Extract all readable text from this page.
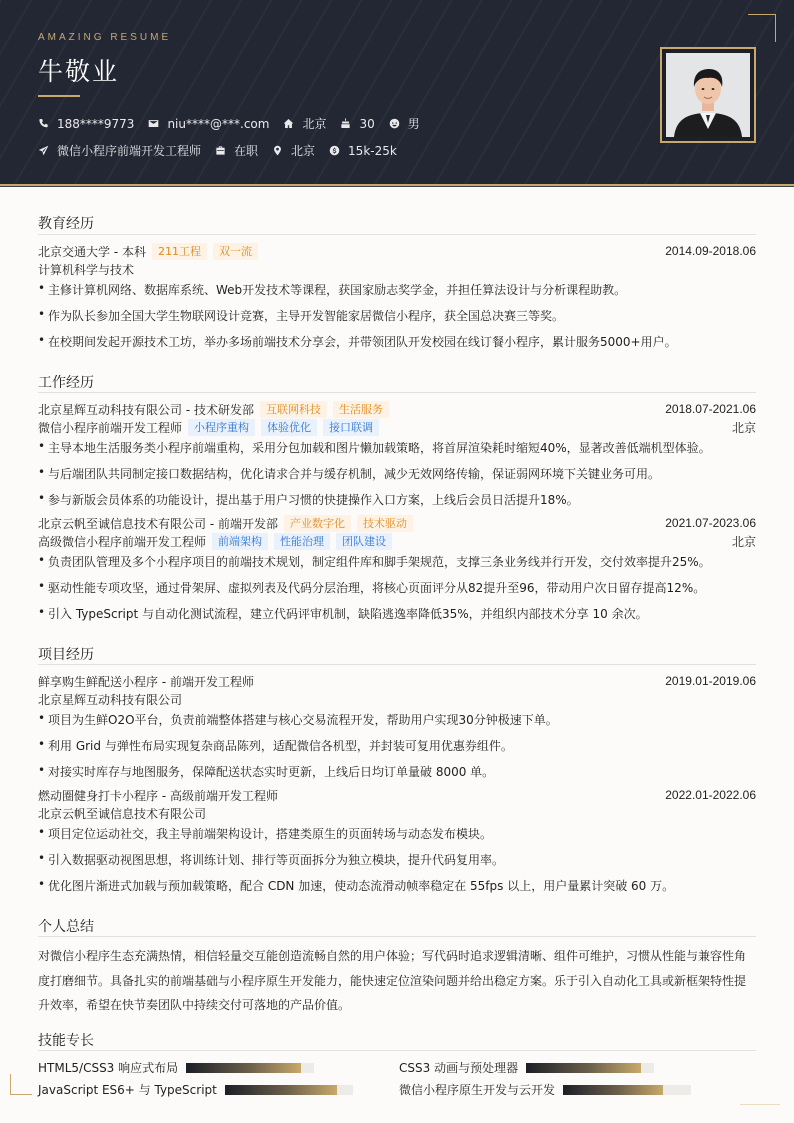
AMAZING RESUME
牛敬业
188****9773	niu****@***.com	北京	30	男
微信小程序前端开发工程师	在职	北京	15k-25k
教育经历
北京交通大学 - 本科	211工程	双一流	2014.09-2018.06
计算机科学与技术
• 主修计算机网络、数据库系统、Web开发技术等课程，获国家励志奖学金，并担任算法设计与分析课程助教。
• 作为队长参加全国大学生物联网设计竞赛，主导开发智能家居微信小程序，获全国总决赛三等奖。
• 在校期间发起开源技术工坊，举办多场前端技术分享会，并带领团队开发校园在线订餐小程序，累计服务5000+用户。
工作经历
北京星辉互动科技有限公司 - 技术研发部	互联网科技	生活服务	2018.07-2021.06
微信小程序前端开发工程师	小程序重构	体验优化	接口联调	北京
• 主导本地生活服务类小程序前端重构，采用分包加载和图片懒加载策略，将首屏渲染耗时缩短40%，显著改善低端机型体验。
• 与后端团队共同制定接口数据结构，优化请求合并与缓存机制，减少无效网络传输，保证弱网环境下关键业务可用。
• 参与新版会员体系的功能设计，提出基于用户习惯的快捷操作入口方案，上线后会员日活提升18%。
北京云帆至诚信息技术有限公司 - 前端开发部	产业数字化	技术驱动	2021.07-2023.06
高级微信小程序前端开发工程师	前端架构	性能治理	团队建设	北京
• 负责团队管理及多个小程序项目的前端技术规划，制定组件库和脚手架规范，支撑三条业务线并行开发，交付效率提升25%。
• 驱动性能专项攻坚，通过骨架屏、虚拟列表及代码分层治理，将核心页面评分从82提升至96，带动用户次日留存提高12%。
• 引入 TypeScript 与自动化测试流程，建立代码评审机制，缺陷逃逸率降低35%，并组织内部技术分享 10 余次。
项目经历
鲜享购生鲜配送小程序 - 前端开发工程师	2019.01-2019.06
北京星辉互动科技有限公司
• 项目为生鲜O2O平台，负责前端整体搭建与核心交易流程开发，帮助用户实现30分钟极速下单。
• 利用 Grid 与弹性布局实现复杂商品陈列，适配微信各机型，并封装可复用优惠券组件。
• 对接实时库存与地图服务，保障配送状态实时更新，上线后日均订单量破 8000 单。
燃动圈健身打卡小程序 - 高级前端开发工程师	2022.01-2022.06
北京云帆至诚信息技术有限公司
• 项目定位运动社交，我主导前端架构设计，搭建类原生的页面转场与动态发布模块。
• 引入数据驱动视图思想，将训练计划、排行等页面拆分为独立模块，提升代码复用率。
• 优化图片渐进式加载与预加载策略，配合 CDN 加速，使动态流滑动帧率稳定在 55fps 以上，用户量累计突破 60 万。
个人总结
对微信小程序生态充满热情，相信轻量交互能创造流畅自然的用户体验；写代码时追求逻辑清晰、组件可维护，习惯从性能与兼容性角度打磨细节。具备扎实的前端基础与小程序原生开发能力，能快速定位渲染问题并给出稳定方案。乐于引入自动化工具或新框架特性提升效率，希望在快节奏团队中持续交付可落地的产品价值。
技能专长
HTML5/CSS3 响应式布局	CSS3 动画与预处理器
JavaScript ES6+ 与 TypeScript	微信小程序原生开发与云开发
